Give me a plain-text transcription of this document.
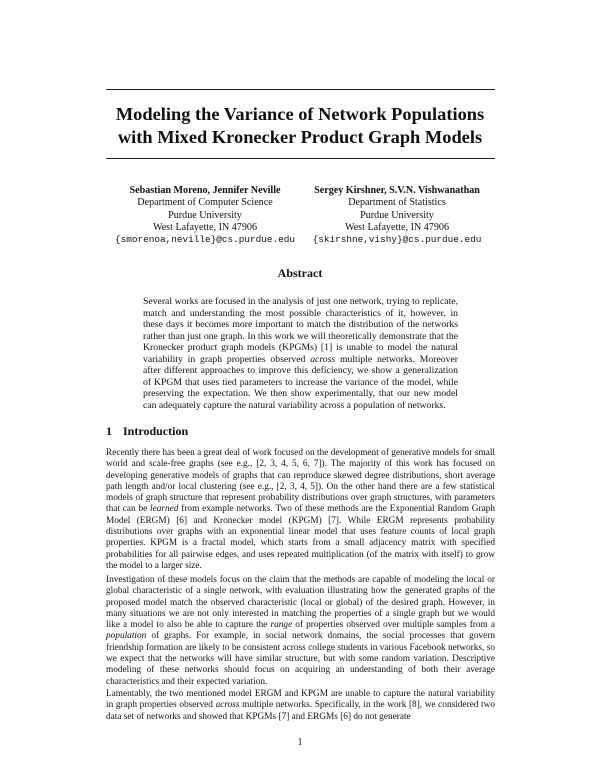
Modeling the Variance of Network Populations
with Mixed Kronecker Product Graph Models
Sebastian Moreno, Jennifer Neville
Department of Computer Science
Purdue University
West Lafayette, IN 47906
{smorenoa,neville}@cs.purdue.edu
Sergey Kirshner, S.V.N. Vishwanathan
Department of Statistics
Purdue University
West Lafayette, IN 47906
{skirshne,vishy}@cs.purdue.edu
Abstract

Several works are focused in the analysis of just one network, trying to replicate, match and understanding the most possible characteristics of it, however, in these days it becomes more important to match the distribution of the networks rather than just one graph. In this work we will theoretically demonstrate that the Kronecker product graph models (KPGMs) [1] is unable to model the natural variability in graph properties observed across multiple networks. Moreover after different approaches to improve this deficiency, we show a generalization of KPGM that uses tied parameters to increase the variance of the model, while preserving the expectation. We then show experimentally, that our new model can adequately capture the natural variability across a population of networks.

1 Introduction

Recently there has been a great deal of work focused on the development of generative models for small world and scale-free graphs (see e.g., [2, 3, 4, 5, 6, 7]). The majority of this work has focused on developing generative models of graphs that can reproduce skewed degree distributions, short average path length and/or local clustering (see e.g., [2, 3, 4, 5]). On the other hand there are a few statistical models of graph structure that represent probability distributions over graph structures, with parameters that can be learned from example networks. Two of these methods are the Exponential Random Graph Model (ERGM) [6] and Kronecker model (KPGM) [7]. While ERGM represents probability distributions over graphs with an exponential linear model that uses feature counts of local graph properties. KPGM is a fractal model, which starts from a small adjacency matrix with specified probabilities for all pairwise edges, and uses repeated multiplication (of the matrix with itself) to grow the model to a larger size.

Investigation of these models focus on the claim that the methods are capable of modeling the local or global characteristic of a single network, with evaluation illustrating how the generated graphs of the proposed model match the observed characteristic (local or global) of the desired graph. However, in many situations we are not only interested in matching the properties of a single graph but we would like a model to also be able to capture the range of properties observed over multiple samples from a population of graphs. For example, in social network domains, the social processes that govern friendship formation are likely to be consistent across college students in various Facebook networks, so we expect that the networks will have similar structure, but with some random variation. Descriptive modeling of these networks should focus on acquiring an understanding of both their average characteristics and their expected variation.

Lamentably, the two mentioned model ERGM and KPGM are unable to capture the natural variability in graph properties observed across multiple networks. Specifically, in the work [8], we considered two data set of networks and showed that KPGMs [7] and ERGMs [6] do not generate

1
